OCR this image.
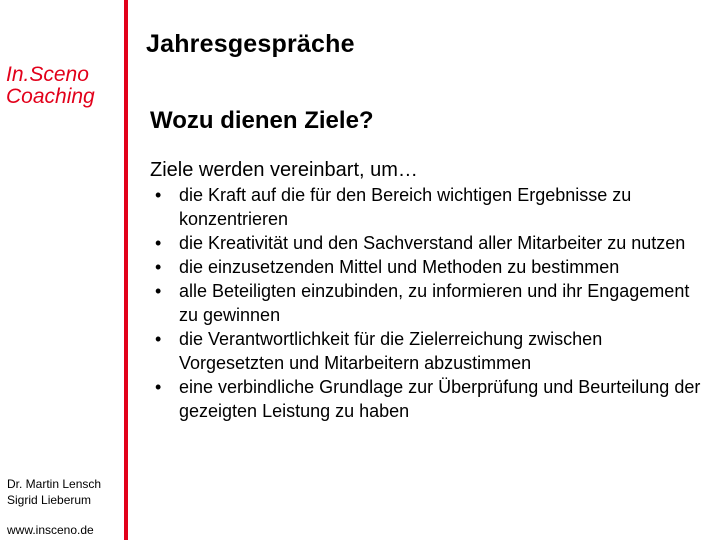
In.Sceno
Coaching
Jahresgespräche
Wozu dienen Ziele?
Ziele werden vereinbart, um…
• die Kraft auf die für den Bereich wichtigen Ergebnisse zu konzentrieren
• die Kreativität und den Sachverstand aller Mitarbeiter zu nutzen
• die einzusetzenden Mittel und Methoden zu bestimmen
• alle Beteiligten einzubinden, zu informieren und ihr Engagement zu gewinnen
• die Verantwortlichkeit für die Zielerreichung zwischen Vorgesetzten und Mitarbeitern abzustimmen
• eine verbindliche Grundlage zur Überprüfung und Beurteilung der gezeigten Leistung zu haben
Dr. Martin Lensch
Sigrid Lieberum
www.insceno.de
